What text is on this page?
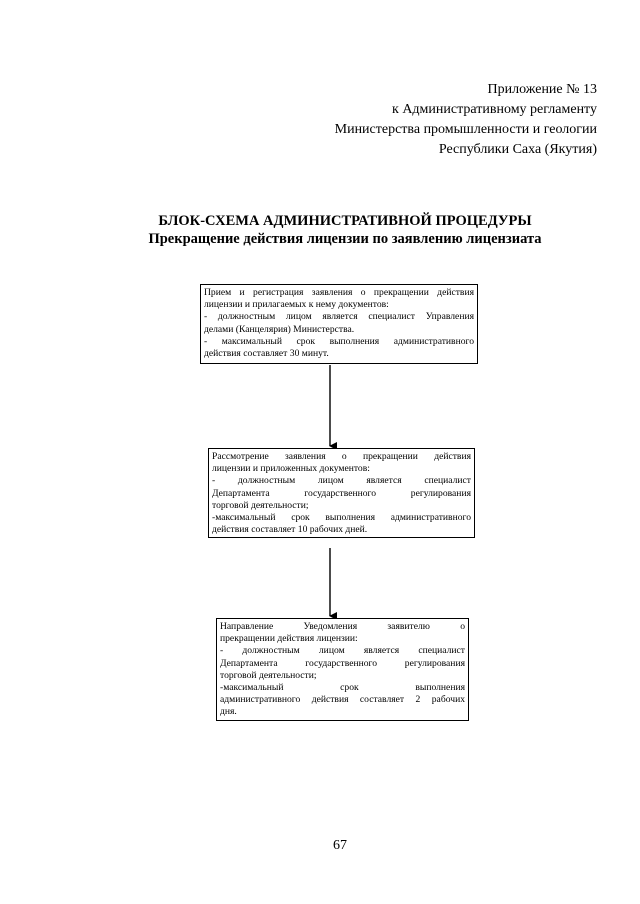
Приложение № 13
к Административному регламенту
Министерства промышленности и геологии
Республики Саха (Якутия)
БЛОК-СХЕМА АДМИНИСТРАТИВНОЙ ПРОЦЕДУРЫ
Прекращение действия лицензии по заявлению лицензиата
Прием и регистрация заявления о прекращении действия
лицензии и прилагаемых к нему документов:
- должностным лицом является специалист Управления
делами (Канцелярия) Министерства.
- максимальный срок выполнения административного
действия составляет 30 минут.
Рассмотрение заявления о прекращении действия
лицензии и приложенных документов:
- должностным лицом является специалист
Департамента государственного регулирования
торговой деятельности;
-максимальный срок выполнения административного
действия составляет 10 рабочих дней.
Направление Уведомления заявителю о
прекращении действия лицензии:
- должностным лицом является специалист
Департамента государственного регулирования
торговой деятельности;
-максимальный срок выполнения
административного действия составляет 2 рабочих
дня.
67
